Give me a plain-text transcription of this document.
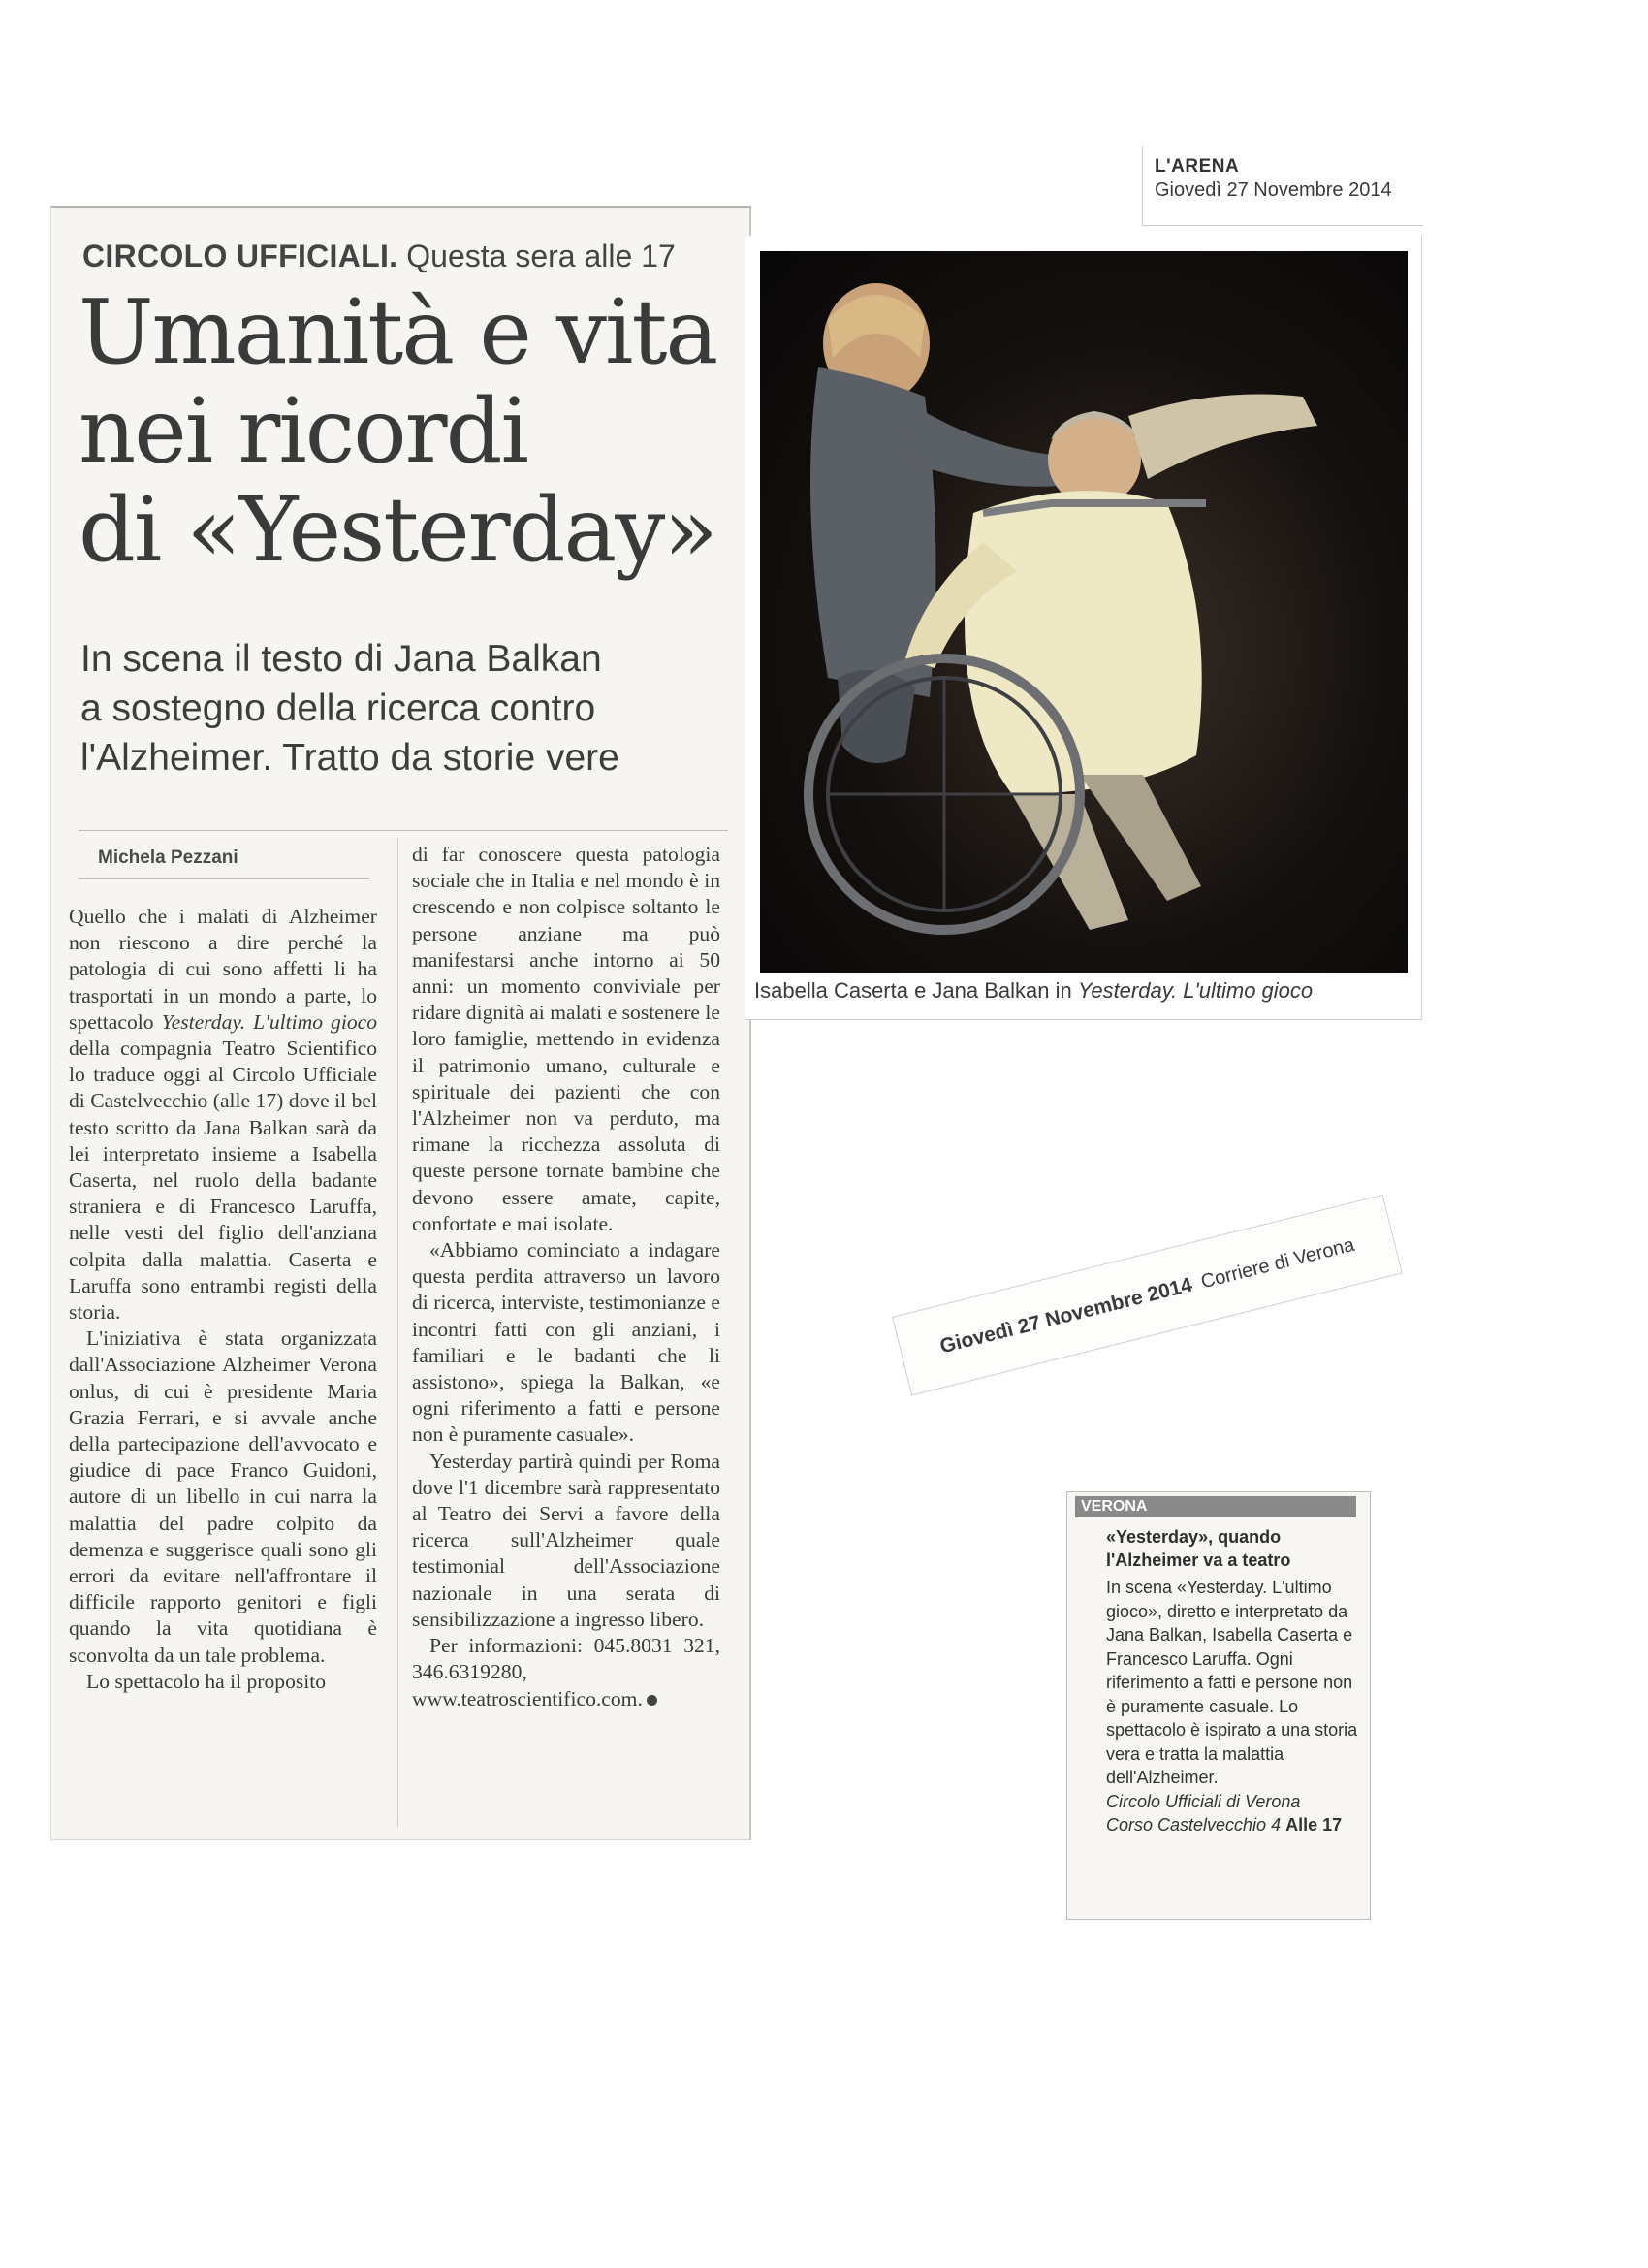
L'ARENA
Giovedì 27 Novembre 2014
CIRCOLO UFFICIALI. Questa sera alle 17
Umanità e vita
nei ricordi
di «Yesterday»
In scena il testo di Jana Balkan
a sostegno della ricerca contro
l'Alzheimer. Tratto da storie vere
Michela Pezzani

Quello che i malati di Alzheimer non riescono a dire perché la patologia di cui sono affetti li ha trasportati in un mondo a parte, lo spettacolo Yesterday. L'ultimo gioco della compagnia Teatro Scientifico lo traduce oggi al Circolo Ufficiale di Castelvecchio (alle 17) dove il bel testo scritto da Jana Balkan sarà da lei interpretato insieme a Isabella Caserta, nel ruolo della badante straniera e di Francesco Laruffa, nelle vesti del figlio dell'anziana colpita dalla malattia. Caserta e Laruffa sono entrambi registi della storia.

L'iniziativa è stata organizzata dall'Associazione Alzheimer Verona onlus, di cui è presidente Maria Grazia Ferrari, e si avvale anche della partecipazione dell'avvocato e giudice di pace Franco Guidoni, autore di un libello in cui narra la malattia del padre colpito da demenza e suggerisce quali sono gli errori da evitare nell'affrontare il difficile rapporto genitori e figli quando la vita quotidiana è sconvolta da un tale problema.

Lo spettacolo ha il proposito

di far conoscere questa patologia sociale che in Italia e nel mondo è in crescendo e non colpisce soltanto le persone anziane ma può manifestarsi anche intorno ai 50 anni: un momento conviviale per ridare dignità ai malati e sostenere le loro famiglie, mettendo in evidenza il patrimonio umano, culturale e spirituale dei pazienti che con l'Alzheimer non va perduto, ma rimane la ricchezza assoluta di queste persone tornate bambine che devono essere amate, capite, confortate e mai isolate.

«Abbiamo cominciato a indagare questa perdita attraverso un lavoro di ricerca, interviste, testimonianze e incontri fatti con gli anziani, i familiari e le badanti che li assistono», spiega la Balkan, «e ogni riferimento a fatti e persone non è puramente casuale».

Yesterday partirà quindi per Roma dove l'1 dicembre sarà rappresentato al Teatro dei Servi a favore della ricerca sull'Alzheimer quale testimonial dell'Associazione nazionale in una serata di sensibilizzazione a ingresso libero.

Per informazioni: 045.8031 321, 346.6319280, www.teatroscientifico.com.

Isabella Caserta e Jana Balkan in Yesterday. L'ultimo gioco
Giovedì 27 Novembre 2014Corriere di Verona
VERONA
«Yesterday», quando l'Alzheimer va a teatro

In scena «Yesterday. L'ultimo gioco», diretto e interpretato da Jana Balkan, Isabella Caserta e Francesco Laruffa. Ogni riferimento a fatti e persone non è puramente casuale. Lo spettacolo è ispirato a una storia vera e tratta la malattia dell'Alzheimer.

Circolo Ufficiali di Verona

Corso Castelvecchio 4 Alle 17
